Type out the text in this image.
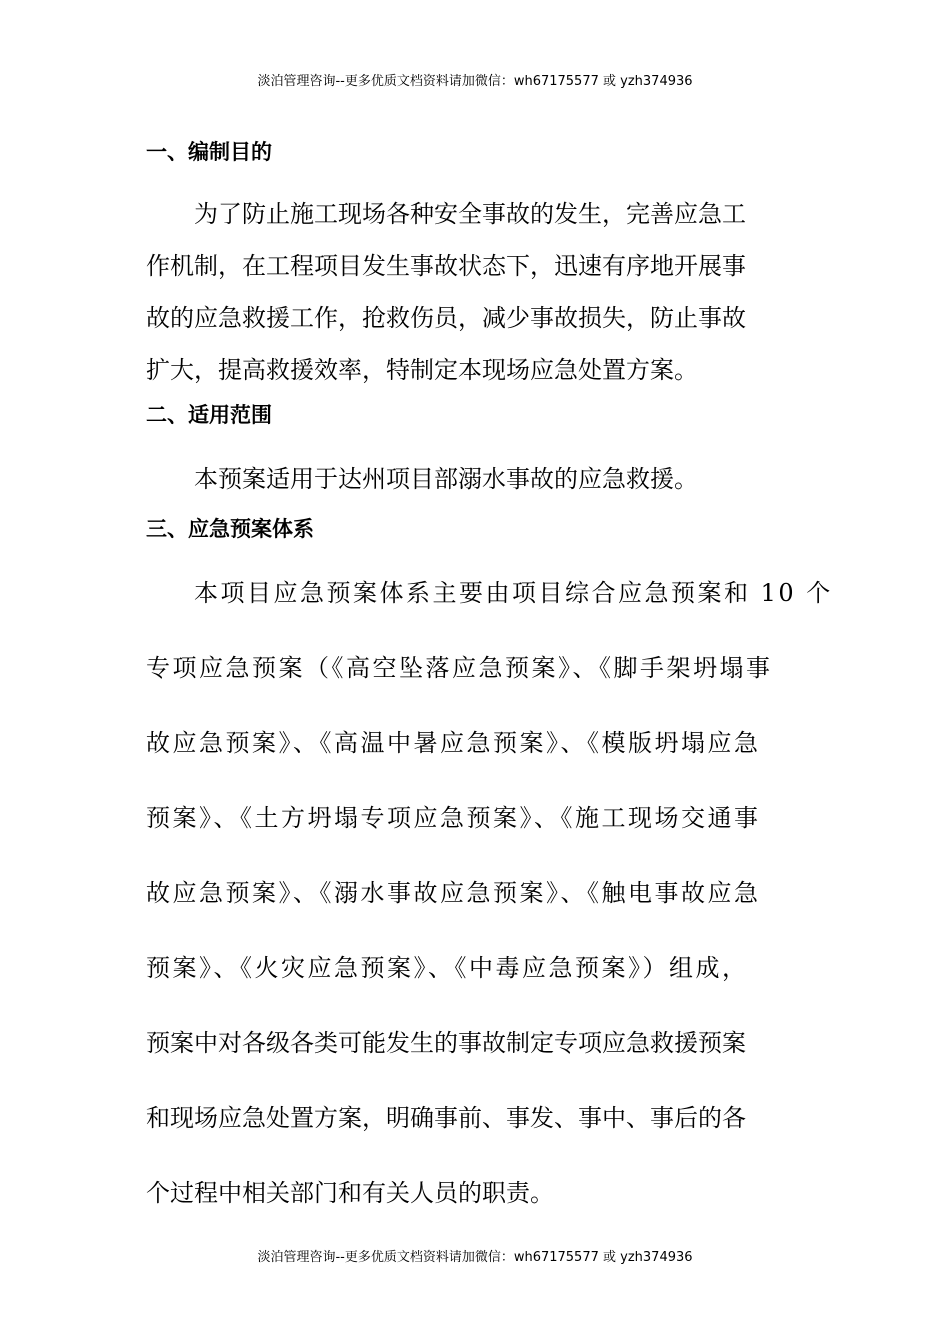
淡泊管理咨询--更多优质文档资料请加微信：wh67175577 或 yzh374936
一、编制目的
为了防止施工现场各种安全事故的发生，完善应急工
作机制，在工程项目发生事故状态下，迅速有序地开展事
故的应急救援工作，抢救伤员，减少事故损失，防止事故
扩大，提高救援效率，特制定本现场应急处置方案。
二、适用范围
本预案适用于达州项目部溺水事故的应急救援。
三、应急预案体系
本项目应急预案体系主要由项目综合应急预案和 10 个
专项应急预案（《高空坠落应急预案》、《脚手架坍塌事
故应急预案》、《高温中暑应急预案》、《模版坍塌应急
预案》、《土方坍塌专项应急预案》、《施工现场交通事
故应急预案》、《溺水事故应急预案》、《触电事故应急
预案》、《火灾应急预案》、《中毒应急预案》）组成，
预案中对各级各类可能发生的事故制定专项应急救援预案
和现场应急处置方案，明确事前、事发、事中、事后的各
个过程中相关部门和有关人员的职责。
淡泊管理咨询--更多优质文档资料请加微信：wh67175577 或 yzh374936
